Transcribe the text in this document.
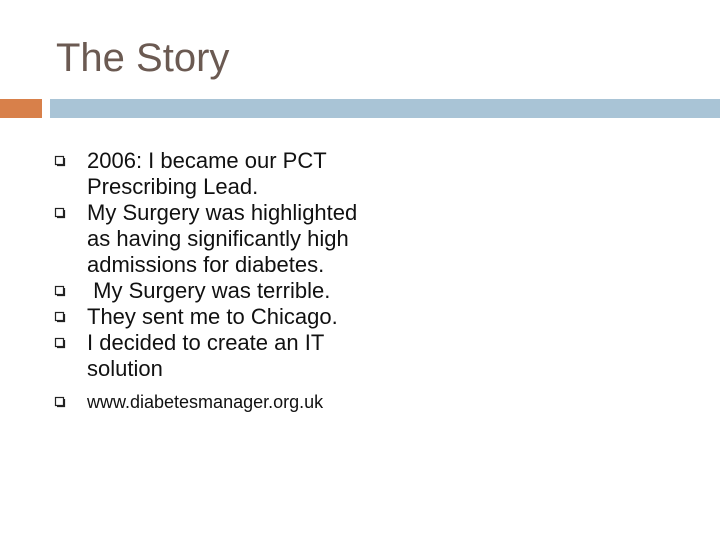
The Story
2006: I became our PCT Prescribing Lead.
My Surgery was highlighted as having significantly high admissions for diabetes.
My Surgery was terrible.
They sent me to Chicago.
I decided to create an IT solution
www.diabetesmanager.org.uk
